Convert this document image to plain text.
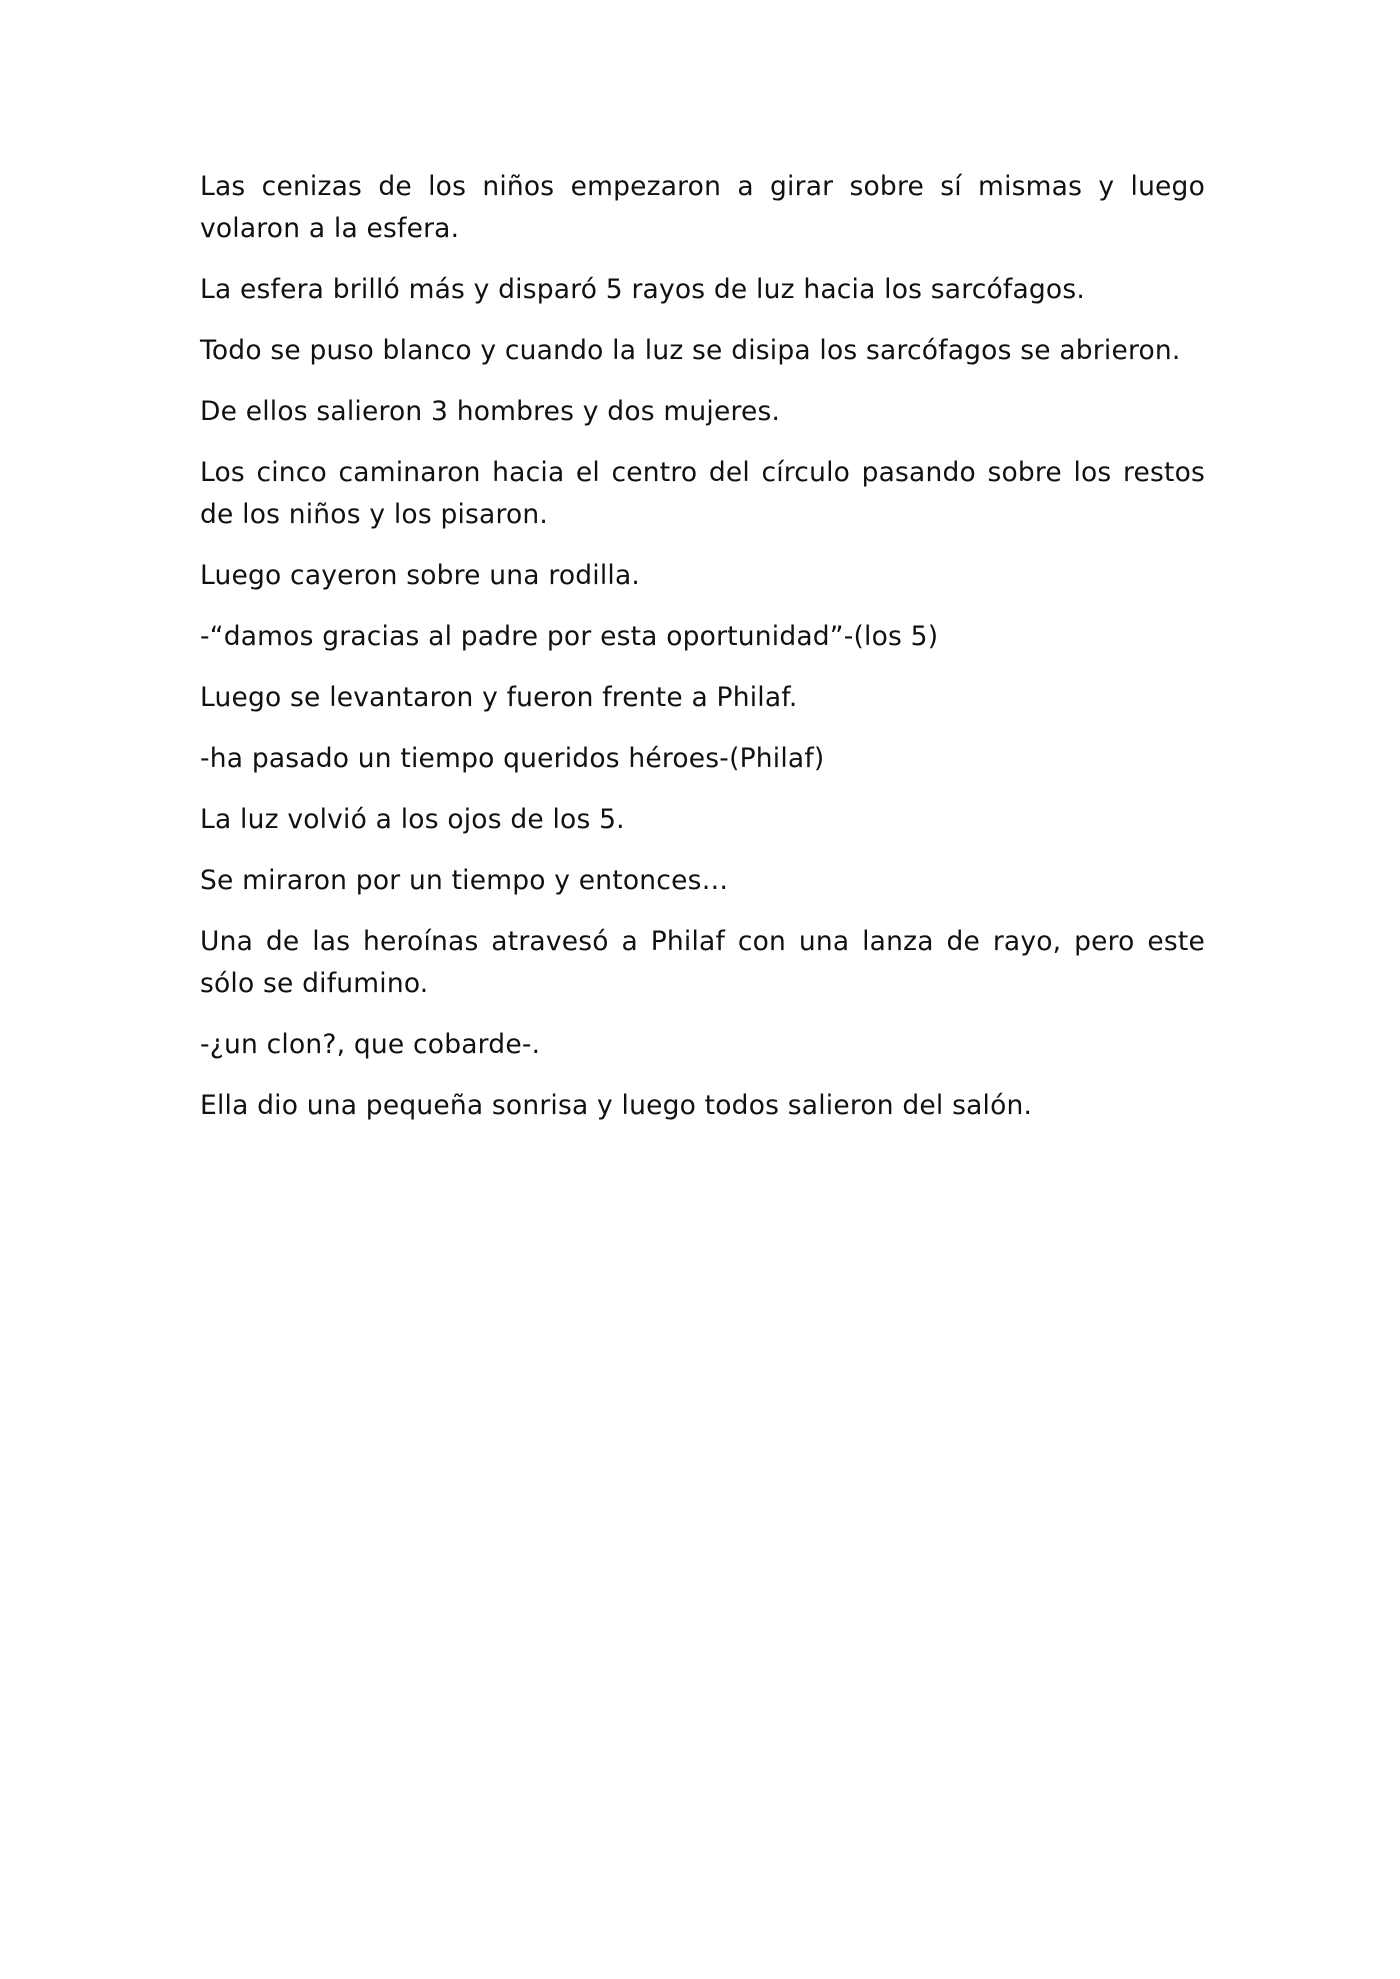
Las cenizas de los niños empezaron a girar sobre sí mismas y luego volaron a la esfera.

La esfera brilló más y disparó 5 rayos de luz hacia los sarcófagos.

Todo se puso blanco y cuando la luz se disipa los sarcófagos se abrieron.

De ellos salieron 3 hombres y dos mujeres.

Los cinco caminaron hacia el centro del círculo pasando sobre los restos de los niños y los pisaron.

Luego cayeron sobre una rodilla.

-“damos gracias al padre por esta oportunidad”-(los 5)

Luego se levantaron y fueron frente a Philaf.

-ha pasado un tiempo queridos héroes-(Philaf)

La luz volvió a los ojos de los 5.

Se miraron por un tiempo y entonces…

Una de las heroínas atravesó a Philaf con una lanza de rayo, pero este sólo se difumino.

-¿un clon?, que cobarde-.

Ella dio una pequeña sonrisa y luego todos salieron del salón.
